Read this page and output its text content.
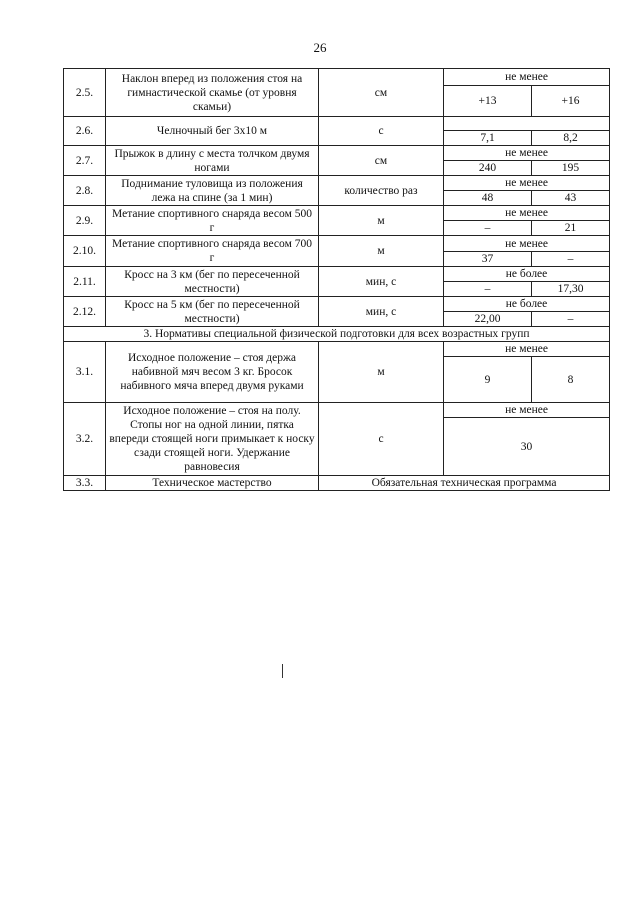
26
2.5.	Наклон вперед из положения стоя на гимнастической скамье (от уровня скамьи)	см	не менее	
			+13	+16
2.6.	Челночный бег 3х10 м	с		
			7,1	8,2
2.7.	Прыжок в длину с места толчком двумя ногами	см	не менее	
			240	195
2.8.	Поднимание туловища из положения лежа на спине (за 1 мин)	количество раз	не менее	
			48	43
2.9.	Метание спортивного снаряда весом 500 г	м	не менее	
			–	21
2.10.	Метание спортивного снаряда весом 700 г	м	не менее	
			37	–
2.11.	Кросс на 3 км (бег по пересеченной местности)	мин, с	не более	
			–	17,30
2.12.	Кросс на 5 км (бег по пересеченной местности)	мин, с	не более	
			22,00	–
3. Нормативы специальной физической подготовки для всех возрастных групп				
3.1.	Исходное положение – стоя держа набивной мяч весом 3 кг. Бросок набивного мяча вперед двумя руками	м	не менее	
			9	8
3.2.	Исходное положение – стоя на полу. Стопы ног на одной линии, пятка впереди стоящей ноги примыкает к носку сзади стоящей ноги. Удержание равновесия	с	не менее	
			30	
3.3.	Техническое мастерство	Обязательная техническая программа		
